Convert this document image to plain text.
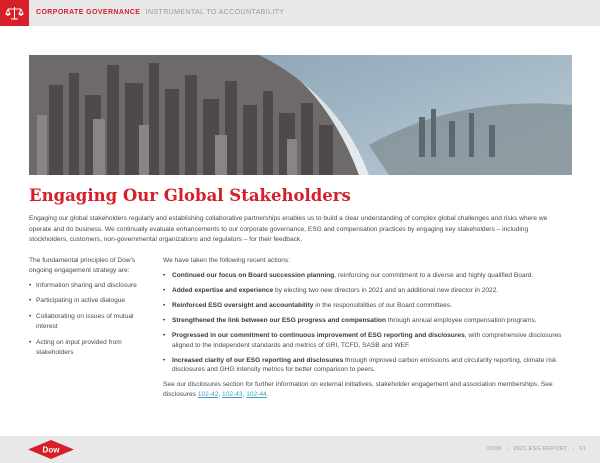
CORPORATE GOVERNANCE INSTRUMENTAL TO ACCOUNTABILITY
Engaging Our Global Stakeholders

Engaging our global stakeholders regularly and establishing collaborative partnerships enables us to build a clear understanding of complex global challenges and risks where we operate and do business. We continually evaluate enhancements to our corporate governance, ESG and compensation practices by engaging key stakeholders – including stockholders, customers, non-governmental organizations and regulators – for their feedback.

The fundamental principles of Dow's ongoing engagement strategy are:

• Information sharing and disclosure
• Participating in active dialogue
• Collaborating on issues of mutual interest
• Acting on input provided from stakeholders

We have taken the following recent actions:

• Continued our focus on Board succession planning, reinforcing our commitment to a diverse and highly qualified Board.
• Added expertise and experience by electing two new directors in 2021 and an additional new director in 2022.
• Reinforced ESG oversight and accountability in the responsibilities of our Board committees.
• Strengthened the link between our ESG progress and compensation through annual employee compensation programs.
• Progressed in our commitment to continuous improvement of ESG reporting and disclosures, with comprehensive disclosures aligned to the independent standards and metrics of GRI, TCFD, SASB and WEF.
• Increased clarity of our ESG reporting and disclosures through improved carbon emissions and circularity reporting, climate risk disclosures and GHG intensity metrics for better comparison to peers.

See our disclosures section for further information on external initiatives, stakeholder engagement and association memberships. See disclosures 102-42, 102-43, 102-44.

Dow	DOW | 2021 ESG REPORT | 61
